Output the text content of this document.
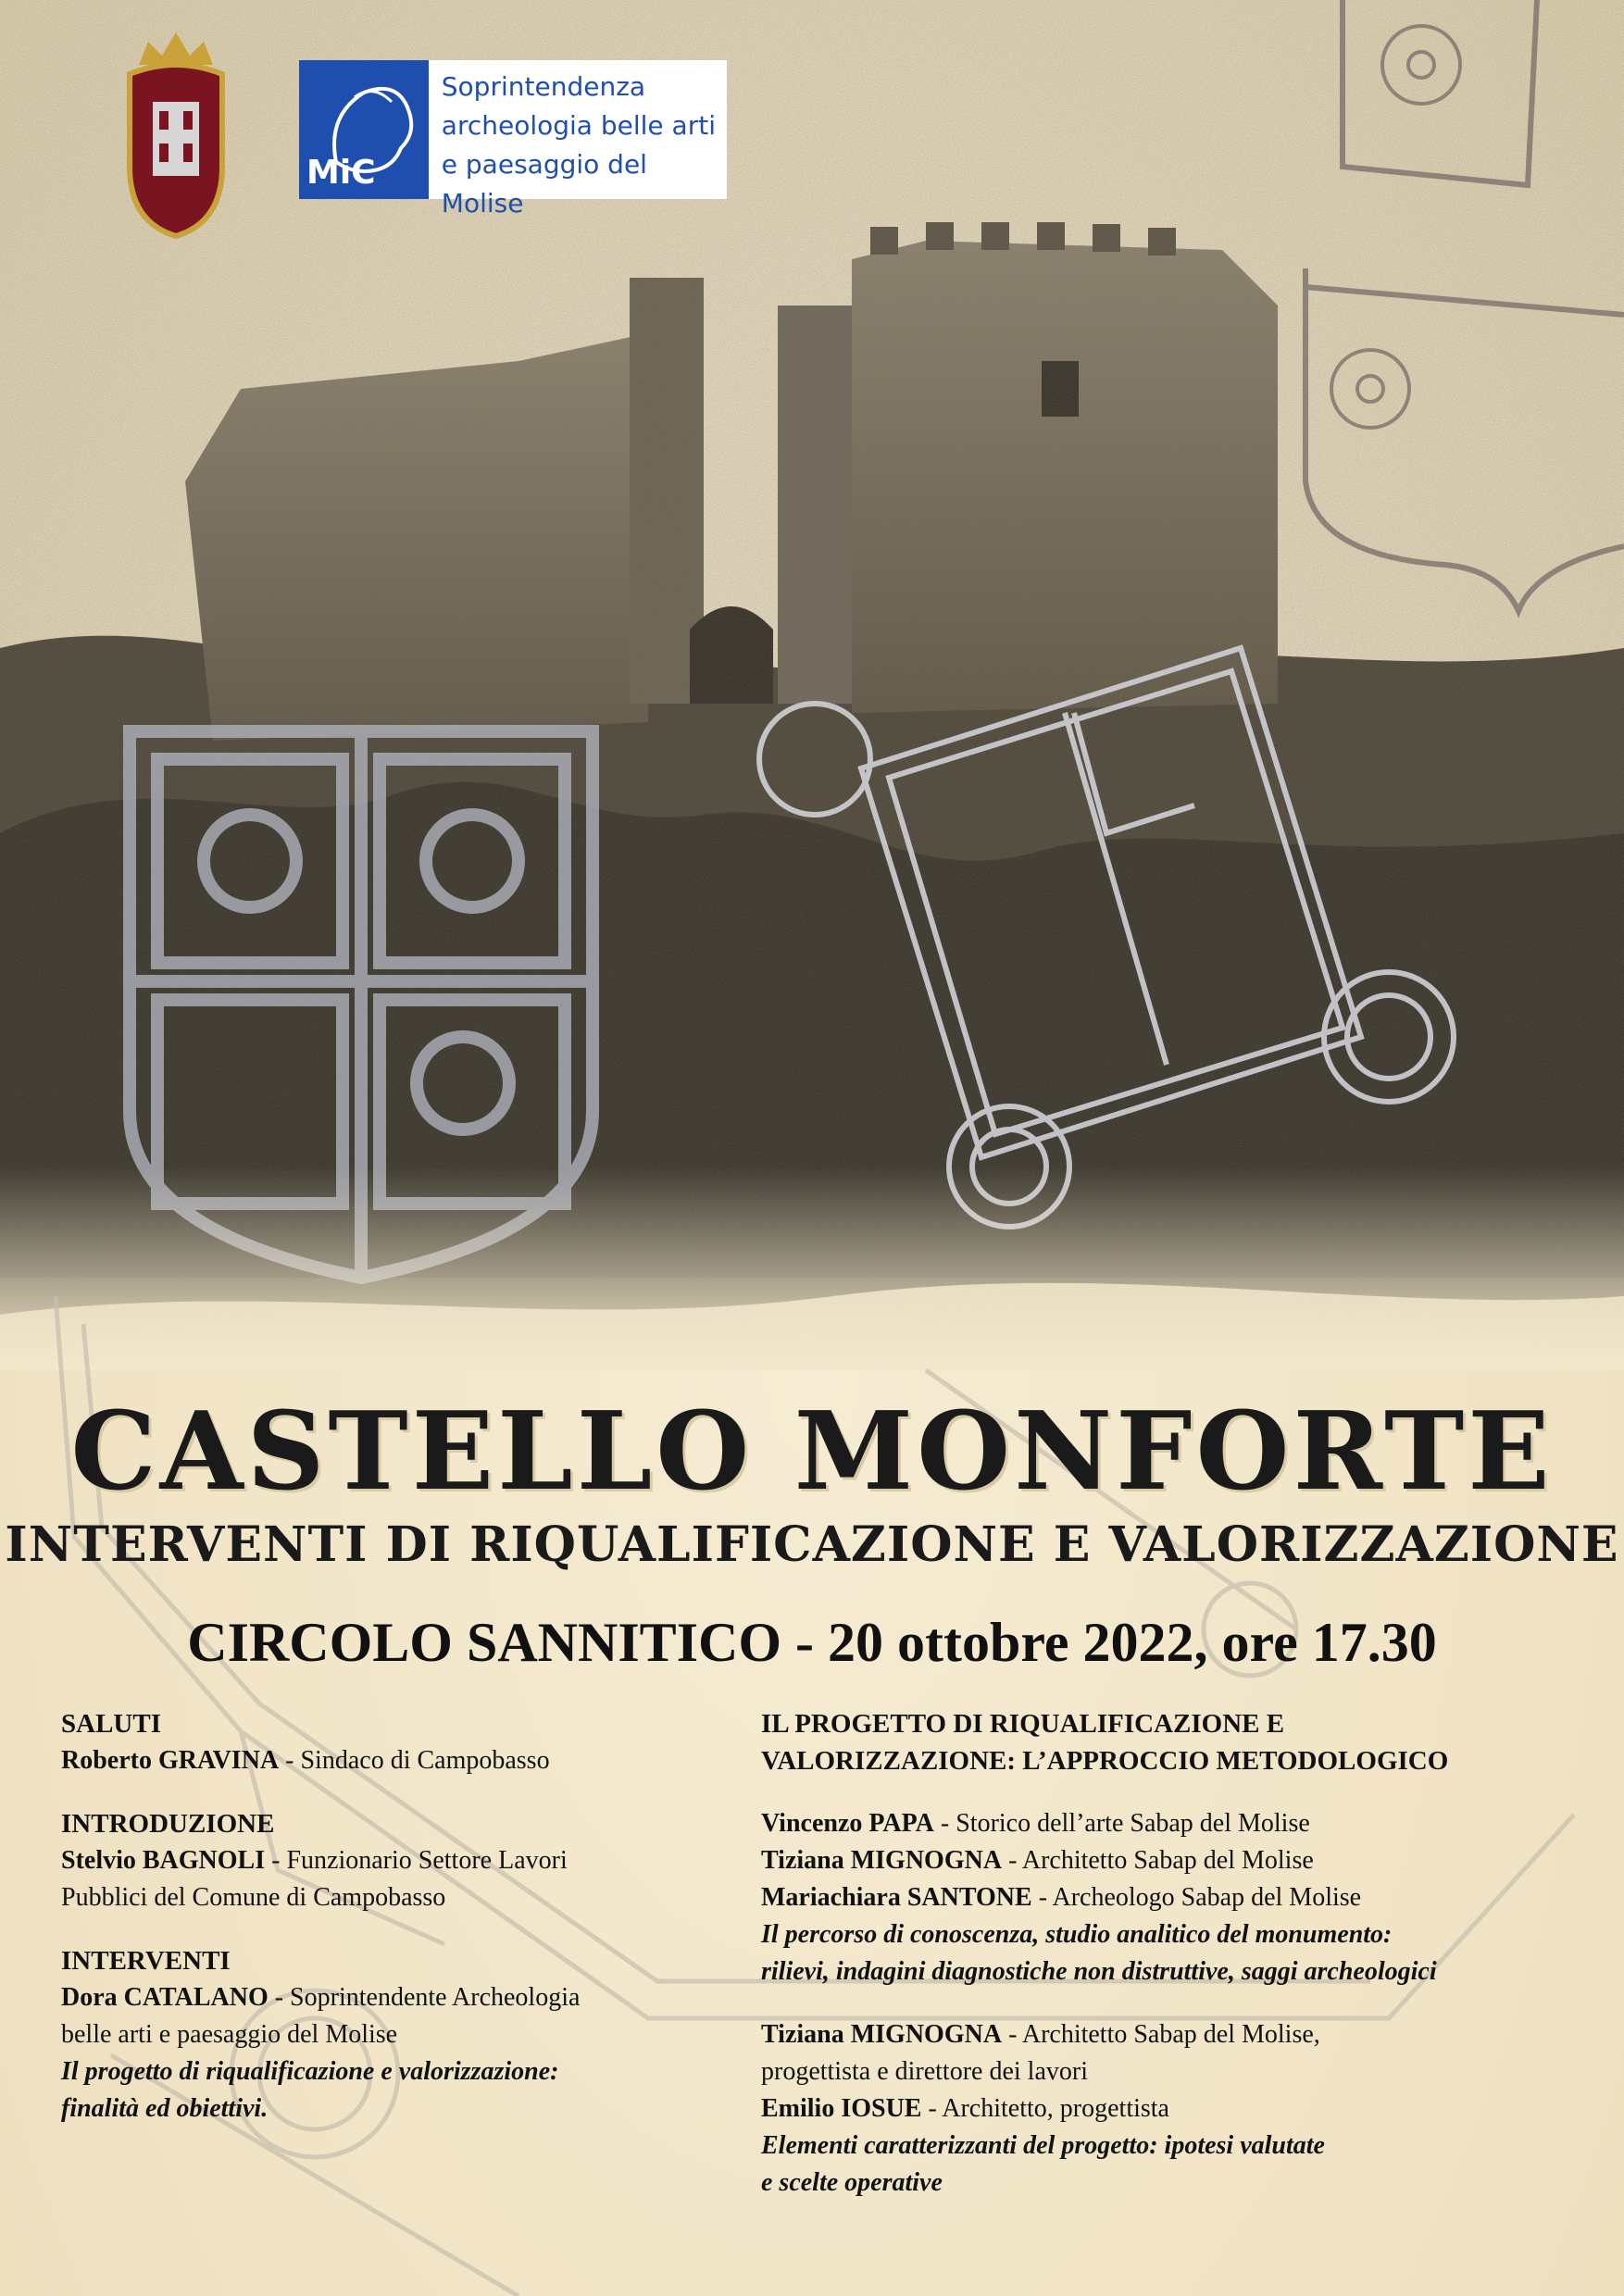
MiC
Soprintendenza
archeologia belle arti
e paesaggio del Molise
CASTELLO MONFORTE
INTERVENTI DI RIQUALIFICAZIONE E VALORIZZAZIONE
CIRCOLO SANNITICO - 20 ottobre 2022, ore 17.30
SALUTI
Roberto GRAVINA - Sindaco di Campobasso
INTRODUZIONE
Stelvio BAGNOLI - Funzionario Settore Lavori
Pubblici del Comune di Campobasso
INTERVENTI
Dora CATALANO - Soprintendente Archeologia
belle arti e paesaggio del Molise
Il progetto di riqualificazione e valorizzazione:
finalità ed obiettivi.
IL PROGETTO DI RIQUALIFICAZIONE E
VALORIZZAZIONE: L’APPROCCIO METODOLOGICO
Vincenzo PAPA - Storico dell’arte Sabap del Molise
Tiziana MIGNOGNA - Architetto Sabap del Molise
Mariachiara SANTONE - Archeologo Sabap del Molise
Il percorso di conoscenza, studio analitico del monumento:
rilievi, indagini diagnostiche non distruttive, saggi archeologici
Tiziana MIGNOGNA - Architetto Sabap del Molise,
progettista e direttore dei lavori
Emilio IOSUE - Architetto, progettista
Elementi caratterizzanti del progetto: ipotesi valutate
e scelte operative
